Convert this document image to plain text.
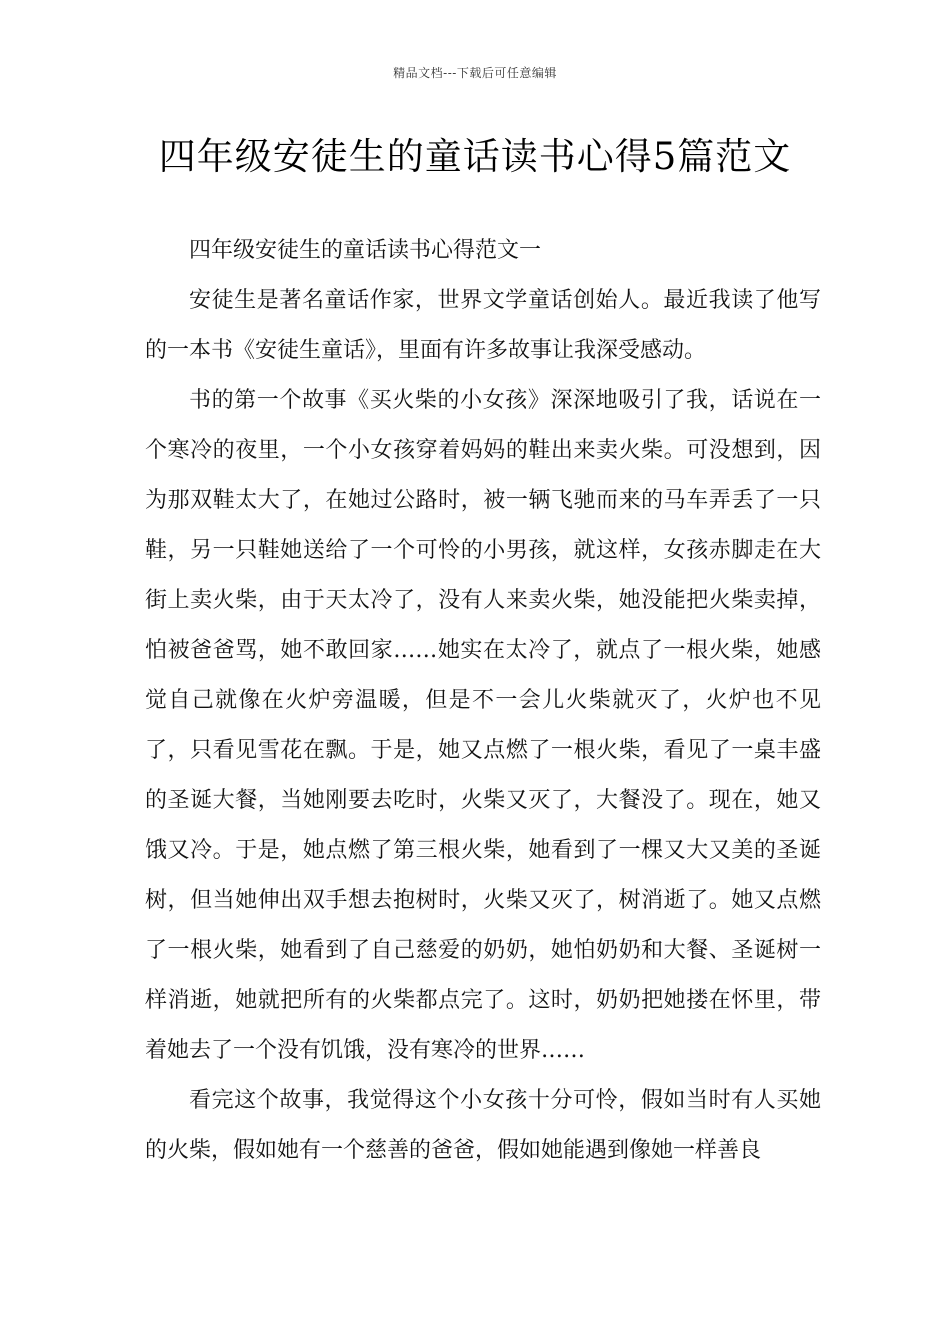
精品文档---下载后可任意编辑
四年级安徒生的童话读书心得5篇范文

四年级安徒生的童话读书心得范文一

安徒生是著名童话作家，世界文学童话创始人。最近我读了他写的一本书《安徒生童话》，里面有许多故事让我深受感动。

书的第一个故事《买火柴的小女孩》深深地吸引了我，话说在一个寒冷的夜里，一个小女孩穿着妈妈的鞋出来卖火柴。可没想到，因为那双鞋太大了，在她过公路时，被一辆飞驰而来的马车弄丢了一只鞋，另一只鞋她送给了一个可怜的小男孩，就这样，女孩赤脚走在大街上卖火柴，由于天太冷了，没有人来卖火柴，她没能把火柴卖掉，怕被爸爸骂，她不敢回家……她实在太冷了，就点了一根火柴，她感觉自己就像在火炉旁温暖，但是不一会儿火柴就灭了，火炉也不见了，只看见雪花在飘。于是，她又点燃了一根火柴，看见了一桌丰盛的圣诞大餐，当她刚要去吃时，火柴又灭了，大餐没了。现在，她又饿又冷。于是，她点燃了第三根火柴，她看到了一棵又大又美的圣诞树，但当她伸出双手想去抱树时，火柴又灭了，树消逝了。她又点燃了一根火柴，她看到了自己慈爱的奶奶，她怕奶奶和大餐、圣诞树一样消逝，她就把所有的火柴都点完了。这时，奶奶把她搂在怀里，带着她去了一个没有饥饿，没有寒冷的世界……

看完这个故事，我觉得这个小女孩十分可怜，假如当时有人买她的火柴，假如她有一个慈善的爸爸，假如她能遇到像她一样善良
